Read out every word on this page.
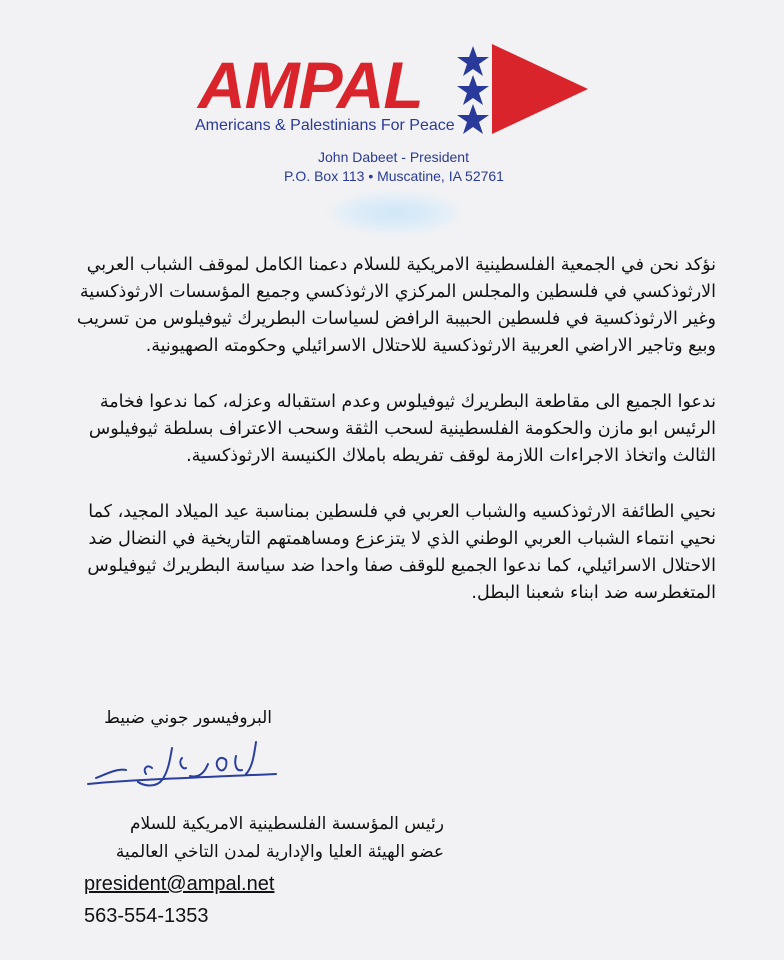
AMPAL
Americans & Palestinians For Peace
John Dabeet - President
P.O. Box 113 • Muscatine, IA 52761

نؤكد نحن في الجمعية الفلسطينية الامريكية للسلام دعمنا الكامل لموقف الشباب العربي الارثوذكسي في فلسطين والمجلس المركزي الارثوذكسي وجميع المؤسسات الارثوذكسية وغير الارثوذكسية في فلسطين الحبيبة الرافض لسياسات البطريرك ثيوفيلوس من تسريب وبيع وتاجير الاراضي العربية الارثوذكسية للاحتلال الاسرائيلي وحكومته الصهيونية.

ندعوا الجميع الى مقاطعة البطريرك ثيوفيلوس وعدم استقباله وعزله، كما ندعوا فخامة الرئيس ابو مازن والحكومة الفلسطينية لسحب الثقة وسحب الاعتراف بسلطة ثيوفيلوس الثالث واتخاذ الاجراءات اللازمة لوقف تفريطه باملاك الكنيسة الارثوذكسية.

نحيي الطائفة الارثوذكسيه والشباب العربي في فلسطين بمناسبة عيد الميلاد المجيد، كما نحيي انتماء الشباب العربي الوطني الذي لا يتزعزع ومساهمتهم التاريخية في النضال ضد الاحتلال الاسرائيلي، كما ندعوا الجميع للوقف صفا واحدا ضد سياسة البطريرك ثيوفيلوس المتغطرسه ضد ابناء شعبنا البطل.

البروفيسور جوني ضبيط
رئيس المؤسسة الفلسطينية الامريكية للسلام
عضو الهيئة العليا والإدارية لمدن التاخي العالمية
president@ampal.net
563-554-1353
